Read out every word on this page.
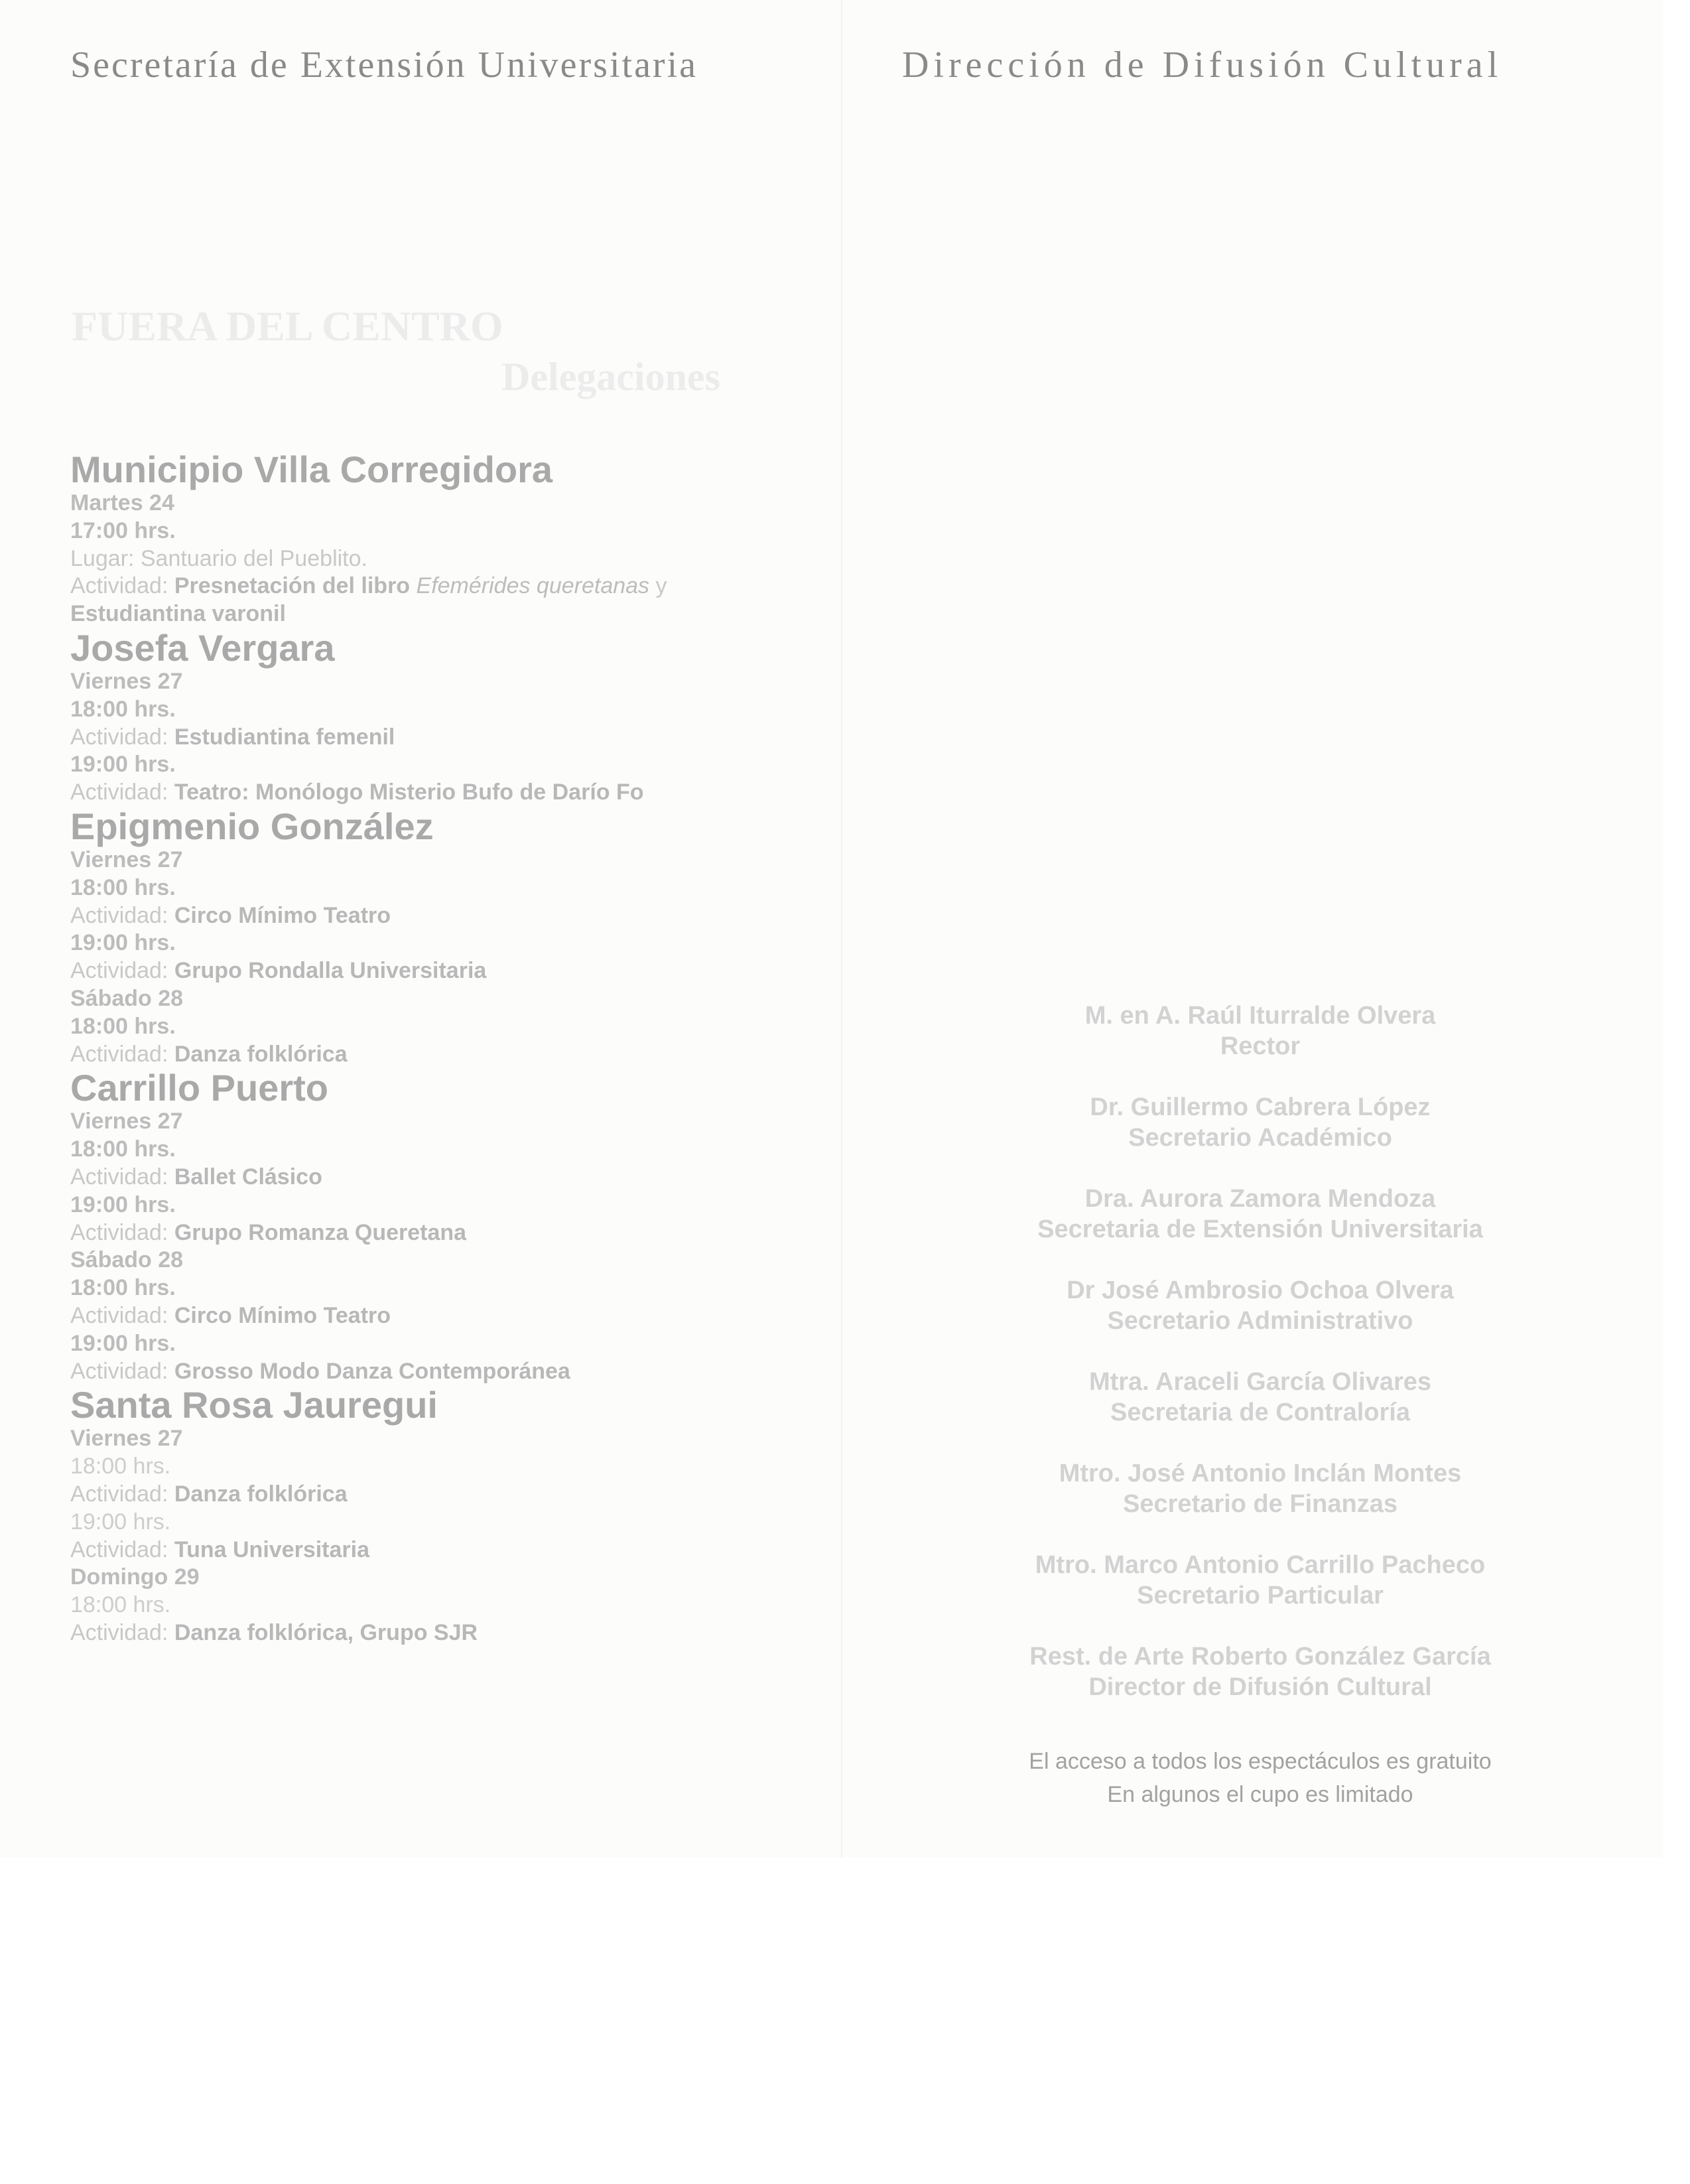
Secretaría de Extensión Universitaria	Dirección de Difusión Cultural
FUERA DEL CENTRO
Delegaciones
Municipio Villa Corregidora
Martes 24
17:00 hrs.
Lugar: Santuario del Pueblito.
Actividad: Presnetación del libro Efemérides queretanas y
Estudiantina varonil
Josefa Vergara
Viernes 27
18:00 hrs.
Actividad: Estudiantina femenil
19:00 hrs.
Actividad: Teatro: Monólogo Misterio Bufo de Darío Fo
Epigmenio González
Viernes 27
18:00 hrs.
Actividad: Circo Mínimo Teatro
19:00 hrs.
Actividad: Grupo Rondalla Universitaria
Sábado 28
18:00 hrs.
Actividad: Danza folklórica
Carrillo Puerto
Viernes 27
18:00 hrs.
Actividad: Ballet Clásico
19:00 hrs.
Actividad: Grupo Romanza Queretana
Sábado 28
18:00 hrs.
Actividad: Circo Mínimo Teatro
19:00 hrs.
Actividad: Grosso Modo Danza Contemporánea
Santa Rosa Jauregui
Viernes 27
18:00 hrs.
Actividad: Danza folklórica
19:00 hrs.
Actividad: Tuna Universitaria
Domingo 29
18:00 hrs.
Actividad: Danza folklórica, Grupo SJR
M. en A. Raúl Iturralde Olvera
Rector
Dr. Guillermo Cabrera López
Secretario Académico
Dra. Aurora Zamora Mendoza
Secretaria de Extensión Universitaria
Dr José Ambrosio Ochoa Olvera
Secretario Administrativo
Mtra. Araceli García Olivares
Secretaria de Contraloría
Mtro. José Antonio Inclán Montes
Secretario de Finanzas
Mtro. Marco Antonio Carrillo Pacheco
Secretario Particular
Rest. de Arte Roberto González García
Director de Difusión Cultural
El acceso a todos los espectáculos es gratuito
En algunos el cupo es limitado
